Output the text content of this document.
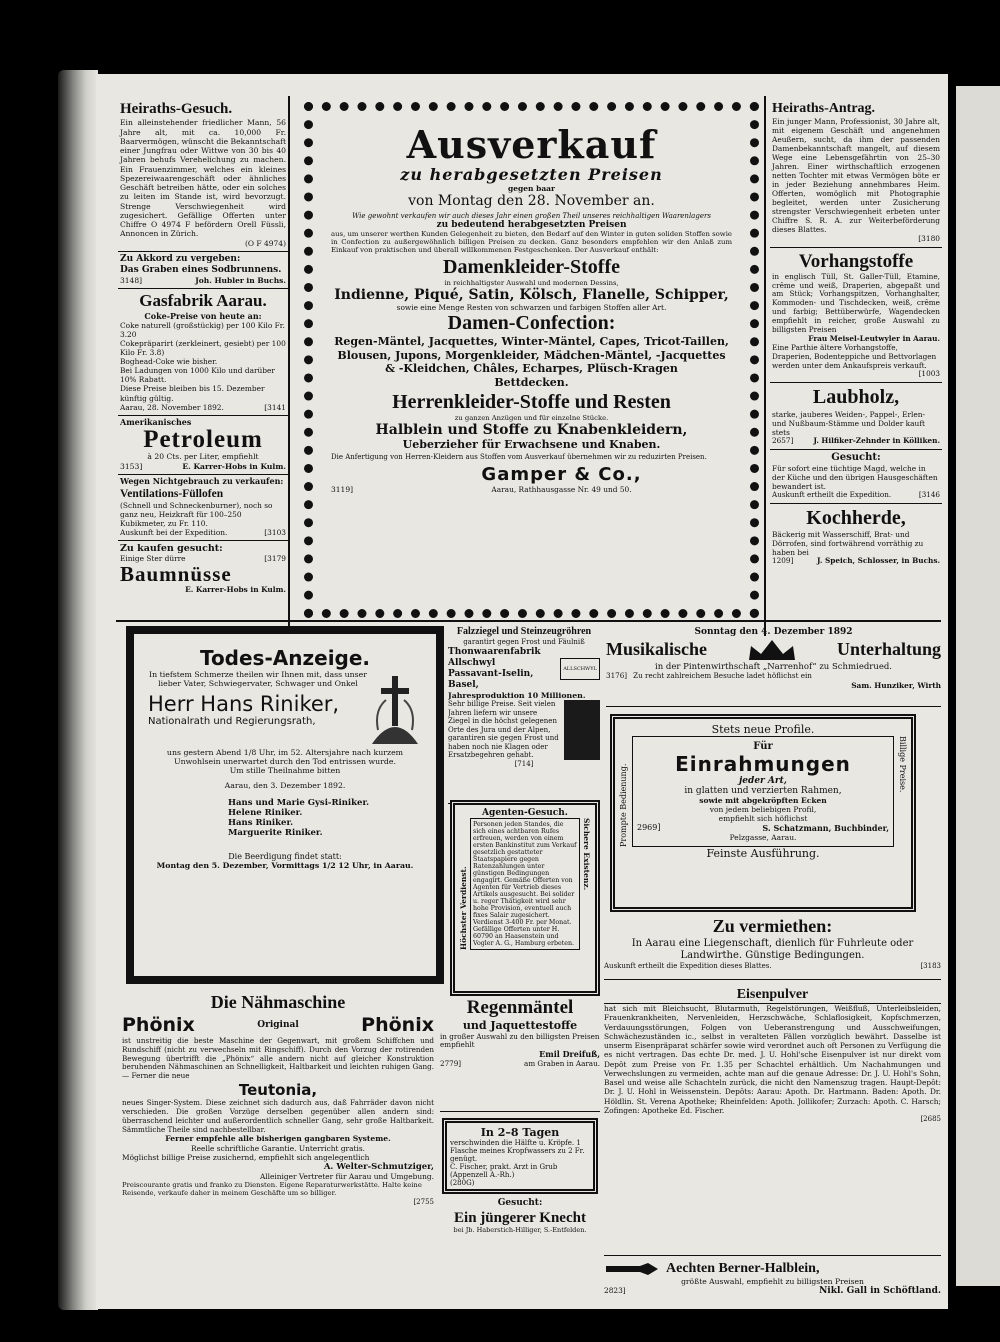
Heiraths-Gesuch.

Ein alleinstehender friedlicher Mann, 56 Jahre alt, mit ca. 10,000 Fr. Baarvermögen, wünscht die Bekanntschaft einer Jungfrau oder Wittwe von 30 bis 40 Jahren behufs Verehelichung zu machen. Ein Frauenzimmer, welches ein kleines Spezereiwaarengeschäft oder ähnliches Geschäft betreiben hätte, oder ein solches zu leiten im Stande ist, wird bevorzugt. Strenge Verschwiegenheit wird zugesichert. Gefällige Offerten unter Chiffre O 4974 F befördern Orell Füssli, Annoncen in Zürich.

(O F 4974)

Zu Akkord zu vergeben:

Das Graben eines Sodbrunnens.

3148]	Joh. Hubler in Buchs.

Gasfabrik Aarau.

Coke-Preise von heute an:

Coke naturell (großstückig) per 100 Kilo Fr. 3.20

Cokepräparirt (zerkleinert, gesiebt) per 100 Kilo Fr. 3.8)

Boghead-Coke wie bisher.

Bei Ladungen von 1000 Kilo und darüber 10% Rabatt.

Diese Preise bleiben bis 15. Dezember künftig gültig.

Aarau, 28. November 1892.	[3141

Amerikanisches

Petroleum

à 20 Cts. per Liter, empfiehlt

3153]	E. Karrer-Hobs in Kulm.

Wegen Nichtgebrauch zu verkaufen:

Ventilations-Füllofen

(Schnell und Schneckenburner), noch so ganz neu, Heizkraft für 100–250 Kubikmeter, zu Fr. 110.

Auskunft bei der Expedition.	[3103

Zu kaufen gesucht:

Einige Ster dürre	[3179

Baumnüsse

E. Karrer-Hobs in Kulm.

Ausverkauf

zu herabgesetzten Preisen

gegen baar

von Montag den 28. November an.

Wie gewohnt verkaufen wir auch dieses Jahr einen großen Theil unseres reichhaltigen Waarenlagers

zu bedeutend herabgesetzten Preisen

aus, um unserer werthen Kunden Gelegenheit zu bieten, den Bedarf auf den Winter in guten soliden Stoffen sowie in Confection zu außergewöhnlich billigen Preisen zu decken. Ganz besonders empfehlen wir den Anlaß zum Einkauf von praktischen und überall willkommenen Festgeschenken. Der Ausverkauf enthält:

Damenkleider-Stoffe

in reichhaltigster Auswahl und modernen Dessins,

Indienne, Piqué, Satin, Kölsch, Flanelle, Schipper,

sowie eine Menge Resten von schwarzen und farbigen Stoffen aller Art.

Damen-Confection:

Regen-Mäntel, Jacquettes, Winter-Mäntel, Capes, Tricot-Taillen, Blousen, Jupons, Morgenkleider, Mädchen-Mäntel, -Jacquettes & -Kleidchen, Châles, Echarpes, Plüsch-Kragen

Bettdecken.

Herrenkleider-Stoffe und Resten

zu ganzen Anzügen und für einzelne Stücke.

Halblein und Stoffe zu Knabenkleidern,

Ueberzieher für Erwachsene und Knaben.

Die Anfertigung von Herren-Kleidern aus Stoffen vom Ausverkauf übernehmen wir zu reduzirten Preisen.

3119]

Gamper & Co.,

Aarau, Rathhausgasse Nr. 49 und 50.

Heiraths-Antrag.

Ein junger Mann, Professionist, 30 Jahre alt, mit eigenem Geschäft und angenehmen Aeußern, sucht, da ihm der passenden Damenbekanntschaft mangelt, auf diesem Wege eine Lebensgefährtin von 25–30 Jahren. Einer wirthschaftlich erzogenen netten Tochter mit etwas Vermögen böte er in jeder Beziehung annehmbares Heim. Offerten, womöglich mit Photographie begleitet, werden unter Zusicherung strengster Verschwiegenheit erbeten unter Chiffre S. R. A. zur Weiterbeförderung dieses Blattes.

[3180

Vorhangstoffe

in englisch Tüll, St. Galler-Tüll, Etamine, crême und weiß, Draperien, abgepaßt und am Stück; Vorhangspitzen, Vorhanghalter, Kommoden- und Tischdecken, weiß, crême und farbig; Bettüberwürfe, Wagendecken empfiehlt in reicher, große Auswahl zu billigsten Preisen

Frau Meisel-Leutwyler in Aarau.

Eine Parthie ältere Vorhangstoffe, Draperien, Bodenteppiche und Bettvorlagen werden unter dem Ankaufspreis verkauft.

[1003

Laubholz,

starke, jauberes Weiden-, Pappel-, Erlen- und Nußbaum-Stämme und Dolder kauft stets

2657]	J. Hilfiker-Zehnder in Kölliken.

Gesucht:

Für sofort eine tüchtige Magd, welche in der Küche und den übrigen Hausgeschäften bewandert ist.

Auskunft ertheilt die Expedition.	[3146

Kochherde,

Bäckerig mit Wasserschiff, Brat- und Dörrofen, sind fortwährend vorräthig zu haben bei

1209]	J. Speich, Schlosser, in Buchs.

Todes-Anzeige.

In tiefstem Schmerze theilen wir Ihnen mit, dass unser lieber Vater, Schwiegervater, Schwager und Onkel

Herr Hans Riniker,

Nationalrath und Regierungsrath,

uns gestern Abend 1/8 Uhr, im 52. Altersjahre nach kurzem Unwohlsein unerwartet durch den Tod entrissen wurde.

Um stille Theilnahme bitten

Aarau, den 3. Dezember 1892.

Hans und Marie Gysi-Riniker.

Helene Riniker.

Hans Riniker.

Marguerite Riniker.

Die Beerdigung findet statt:

Montag den 5. Dezember, Vormittags 1/2 12 Uhr, in Aarau.

Falzziegel und Steinzeugröhren

garantirt gegen Frost und Fäulniß

Thonwaarenfabrik Allschwyl

Passavant-Iselin, Basel,

ALLSCHWYL

Jahresproduktion 10 Millionen.

Sehr billige Preise. Seit vielen Jahren liefern wir unsere Ziegel in die höchst gelegenen Orte des Jura und der Alpen, garantiren sie gegen Frost und haben noch nie Klagen oder Ersatzbegehren gehabt.

[714]

Agenten-Gesuch.

Höchster Verdienst.

Personen jeden Standes, die sich eines achtbaren Rufes erfreuen, werden von einem ersten Bankinstitut zum Verkauf gesetzlich gestatteter Staatspapiere gegen Ratenzahlungen unter günstigen Bedingungen engagirt. Gemäße Offerten von Agenten für Vertrieb dieses Artikels ausgesucht. Bei solider u. reger Thätigkeit wird sehr hohe Provision, eventuell auch fixes Salair zugesichert. Verdienst 3-400 Fr. per Monat.

Gefällige Offerten unter H. 60790 an Haasenstein und Vogler A. G., Hamburg erbeten.

Sichere Existenz.

Sonntag den 4. Dezember 1892

Musikalische	Unterhaltung

in der Pintenwirthschaft „Narrenhof“ zu Schmiedrued.

3176] Zu recht zahlreichem Besuche ladet höflichst ein

Sam. Hunziker, Wirth

Stets neue Profile.

Prompte Bedienung.

Für

Einrahmungen

jeder Art,

in glatten und verzierten Rahmen,

sowie mit abgekröpften Ecken

von jedem beliebigen Profil,

empfiehlt sich höflichst

2969]	S. Schatzmann, Buchbinder,

Pelzgasse, Aarau.

Billige Preise.

Feinste Ausführung.

Zu vermiethen:

In Aarau eine Liegenschaft, dienlich für Fuhrleute oder Landwirthe. Günstige Bedingungen.

Auskunft ertheilt die Expedition dieses Blattes.	[3183

Die Nähmaschine

Phönix	Original	Phönix

ist unstreitig die beste Maschine der Gegenwart, mit großem Schiffchen und Rundschiff (nicht zu verwechseln mit Ringschiff). Durch den Vorzug der rotirenden Bewegung übertrifft die „Phönix“ alle andern nicht auf gleicher Konstruktion beruhenden Nähmaschinen an Schnelligkeit, Haltbarkeit und leichten ruhigen Gang. — Ferner die neue

Teutonia,

neues Singer-System. Diese zeichnet sich dadurch aus, daß Fahrräder davon nicht verschieden. Die großen Vorzüge derselben gegenüber allen andern sind: überraschend leichter und außerordentlich schneller Gang, sehr große Haltbarkeit. Sämmtliche Theile sind nachbestellbar.

Ferner empfehle alle bisherigen gangbaren Systeme.

Reelle schriftliche Garantie. Unterricht gratis.

Möglichst billige Preise zusichernd, empfiehlt sich angelegentlich

A. Welter-Schmutziger,

Alleiniger Vertreter für Aarau und Umgebung.

Preiscourante gratis und franko zu Diensten. Eigene Reparaturwerkstätte. Halte keine Reisende, verkaufe daher in meinem Geschäfte um so billiger.

[2755

Regenmäntel

und Jaquettestoffe

in großer Auswahl zu den billigsten Preisen empfiehlt

Emil Dreifuß,

2779]	am Graben in Aarau.

In 2–8 Tagen

verschwinden die Hälfte u. Kröpfe. 1 Flasche meines Kropfwassers zu 2 Fr. genügt.

C. Fischer, prakt. Arzt in Grub (Appenzell A.-Rh.)

(280G)

Gesucht:

Ein jüngerer Knecht

bei Jb. Haberstich-Hilliger, S.-Entfelden.

Eisenpulver

hat sich mit Bleichsucht, Blutarmuth, Regelstörungen, Weißfluß, Unterleibsleiden, Frauenkrankheiten, Nervenleiden, Herzschwäche, Schlaflosigkeit, Kopfschmerzen, Verdauungsstörungen, Folgen von Ueberanstrengung und Ausschweifungen, Schwächezuständen ic., selbst in veralteten Fällen vorzüglich bewährt. Dasselbe ist unserm Eisenpräparat schärfer sowie wird verordnet auch oft Personen zu Verfügung die es nicht vertragen. Das echte Dr. med. J. U. Hohl'sche Eisenpulver ist nur direkt vom Depôt zum Preise von Fr. 1.35 per Schachtel erhältlich. Um Nachahmungen und Verwechslungen zu vermeiden, achte man auf die genaue Adresse: Dr. J. U. Hohl's Sohn, Basel und weise alle Schachteln zurück, die nicht den Namenszug tragen. Haupt-Depôt: Dr. J. U. Hohl in Weissenstein. Depôts: Aarau: Apoth. Dr. Hartmann. Baden: Apoth. Dr. Höldlin. St. Verena Apotheke; Rheinfelden: Apoth. Jollikofer; Zurzach: Apoth. C. Harsch; Zofingen: Apotheke Ed. Fischer.

[2685

Aechten Berner-Halblein,

größte Auswahl, empfiehlt zu billigsten Preisen

2823]	Nikl. Gall in Schöftland.
